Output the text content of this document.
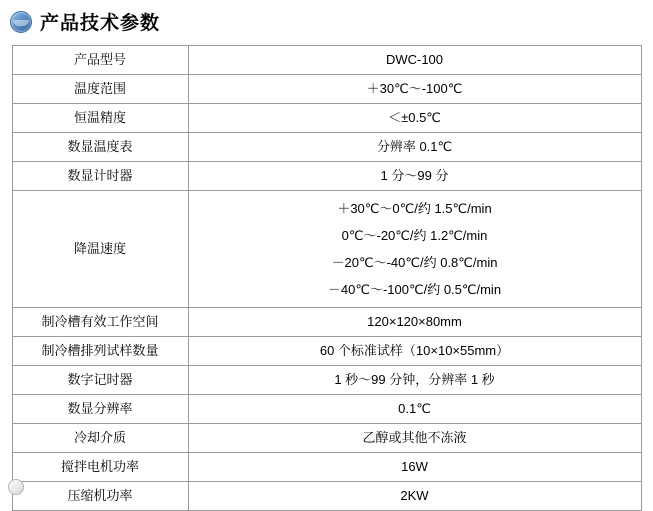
产品技术参数
产品型号	DWC-100
温度范围	＋30℃～-100℃
恒温精度	＜±0.5℃
数显温度表	分辨率 0.1℃
数显计时器	1 分～99 分
降温速度	＋30℃～0℃/约 1.5℃/min
0℃～-20℃/约 1.2℃/min
－20℃～-40℃/约 0.8℃/min
－40℃～-100℃/约 0.5℃/min

制冷槽有效工作空间	120×120×80mm
制冷槽排列试样数量	60 个标准试样（10×10×55mm）
数字记时器	1 秒～99 分钟，分辨率 1 秒
数显分辨率	0.1℃
冷却介质	乙醇或其他不冻液
搅拌电机功率	16W
压缩机功率	2KW
